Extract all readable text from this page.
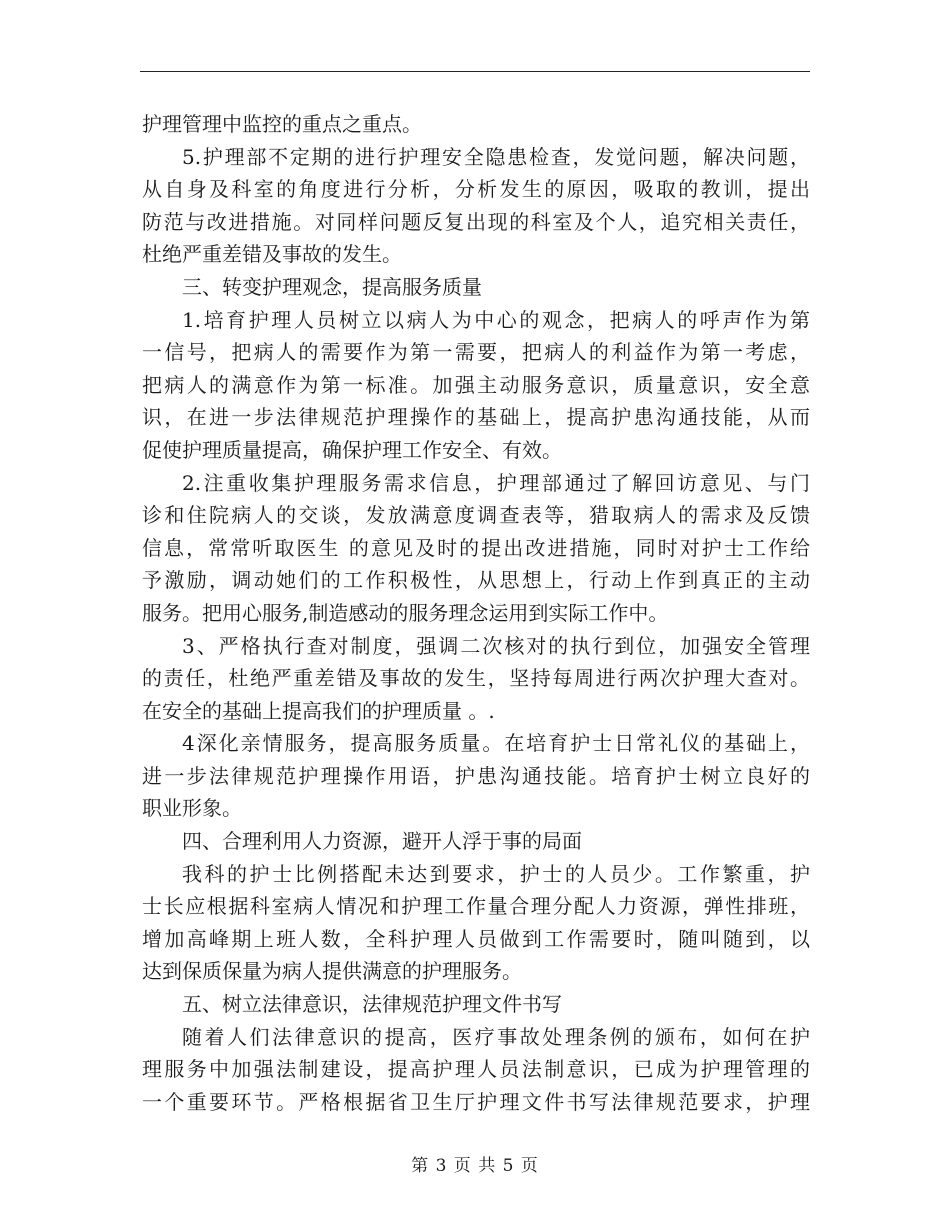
护理管理中监控的重点之重点。
5.护理部不定期的进行护理安全隐患检查，发觉问题，解决问题，
从自身及科室的角度进行分析，分析发生的原因，吸取的教训，提出
防范与改进措施。对同样问题反复出现的科室及个人，追究相关责任，
杜绝严重差错及事故的发生。
三、转变护理观念，提高服务质量
1.培育护理人员树立以病人为中心的观念，把病人的呼声作为第
一信号，把病人的需要作为第一需要，把病人的利益作为第一考虑，
把病人的满意作为第一标准。加强主动服务意识，质量意识，安全意
识，在进一步法律规范护理操作的基础上，提高护患沟通技能，从而
促使护理质量提高，确保护理工作安全、有效。
2.注重收集护理服务需求信息，护理部通过了解回访意见、与门
诊和住院病人的交谈，发放满意度调查表等，猎取病人的需求及反馈
信息，常常听取医生 的意见及时的提出改进措施，同时对护士工作给
予激励，调动她们的工作积极性，从思想上，行动上作到真正的主动
服务。把用心服务,制造感动的服务理念运用到实际工作中。
3、严格执行查对制度，强调二次核对的执行到位，加强安全管理
的责任，杜绝严重差错及事故的发生，坚持每周进行两次护理大查对。
在安全的基础上提高我们的护理质量 。.
4深化亲情服务，提高服务质量。在培育护士日常礼仪的基础上，
进一步法律规范护理操作用语，护患沟通技能。培育护士树立良好的
职业形象。
四、合理利用人力资源，避开人浮于事的局面
我科的护士比例搭配未达到要求，护士的人员少。工作繁重，护
士长应根据科室病人情况和护理工作量合理分配人力资源，弹性排班，
增加高峰期上班人数，全科护理人员做到工作需要时，随叫随到，以
达到保质保量为病人提供满意的护理服务。
五、树立法律意识，法律规范护理文件书写
随着人们法律意识的提高，医疗事故处理条例的颁布，如何在护
理服务中加强法制建设，提高护理人员法制意识，已成为护理管理的
一个重要环节。严格根据省卫生厅护理文件书写法律规范要求，护理
第 3 页 共 5 页
